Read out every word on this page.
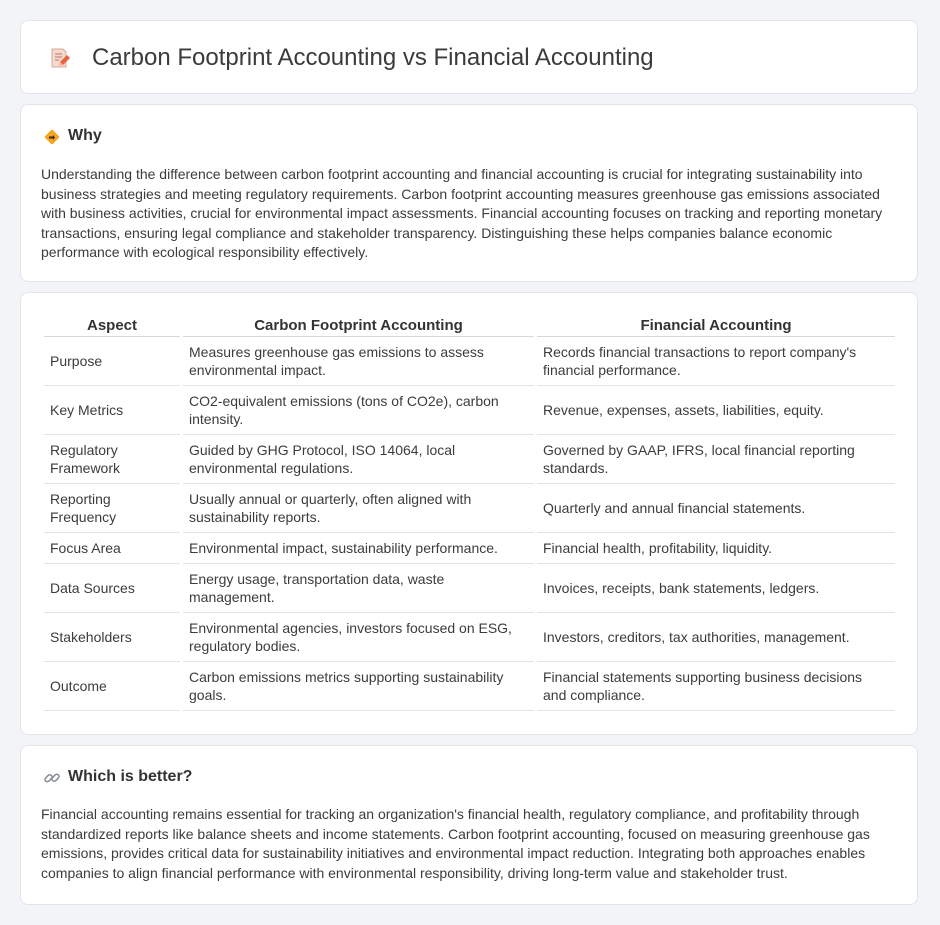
Carbon Footprint Accounting vs Financial Accounting
Why

Understanding the difference between carbon footprint accounting and financial accounting is crucial for integrating sustainability into business strategies and meeting regulatory requirements. Carbon footprint accounting measures greenhouse gas emissions associated with business activities, crucial for environmental impact assessments. Financial accounting focuses on tracking and reporting monetary transactions, ensuring legal compliance and stakeholder transparency. Distinguishing these helps companies balance economic performance with ecological responsibility effectively.

Aspect	Carbon Footprint Accounting	Financial Accounting
Purpose	Measures greenhouse gas emissions to assess environmental impact.	Records financial transactions to report company's financial performance.
Key Metrics	CO2-equivalent emissions (tons of CO2e), carbon intensity.	Revenue, expenses, assets, liabilities, equity.
Regulatory Framework	Guided by GHG Protocol, ISO 14064, local environmental regulations.	Governed by GAAP, IFRS, local financial reporting standards.
Reporting Frequency	Usually annual or quarterly, often aligned with sustainability reports.	Quarterly and annual financial statements.
Focus Area	Environmental impact, sustainability performance.	Financial health, profitability, liquidity.
Data Sources	Energy usage, transportation data, waste management.	Invoices, receipts, bank statements, ledgers.
Stakeholders	Environmental agencies, investors focused on ESG, regulatory bodies.	Investors, creditors, tax authorities, management.
Outcome	Carbon emissions metrics supporting sustainability goals.	Financial statements supporting business decisions and compliance.
Which is better?

Financial accounting remains essential for tracking an organization's financial health, regulatory compliance, and profitability through standardized reports like balance sheets and income statements. Carbon footprint accounting, focused on measuring greenhouse gas emissions, provides critical data for sustainability initiatives and environmental impact reduction. Integrating both approaches enables companies to align financial performance with environmental responsibility, driving long-term value and stakeholder trust.
